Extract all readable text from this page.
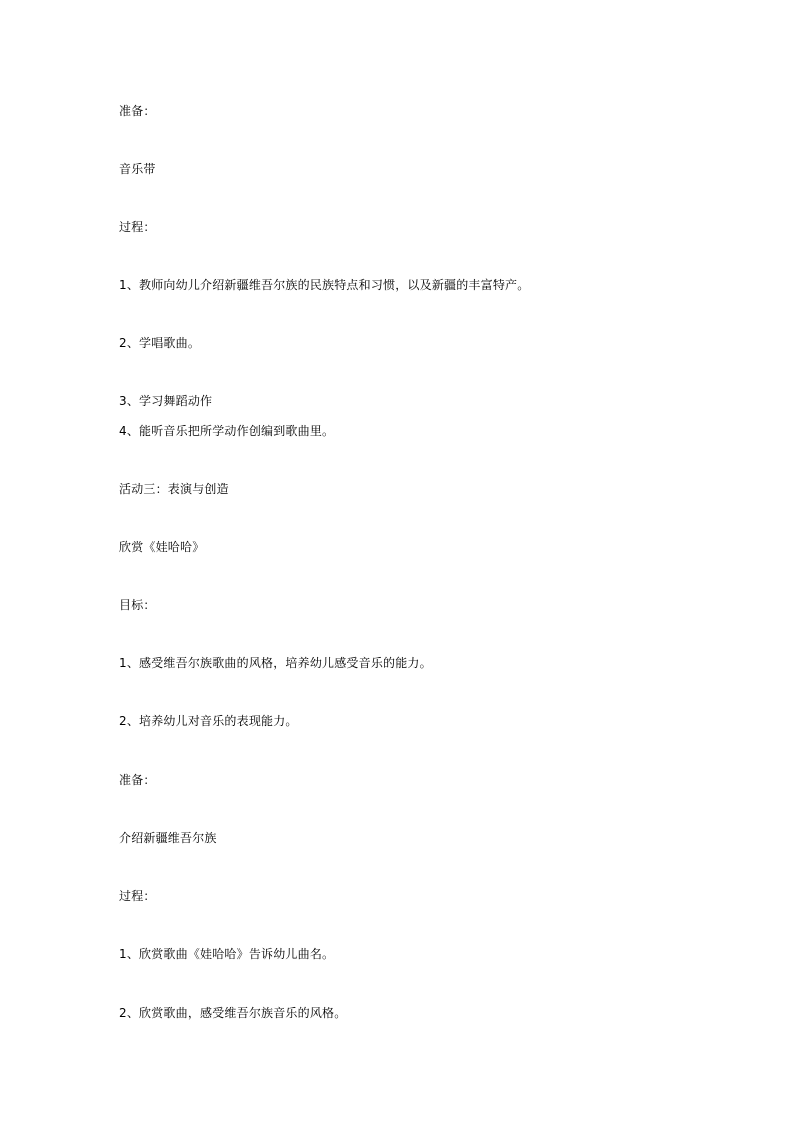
准备：
音乐带
过程：
1、教师向幼儿介绍新疆维吾尔族的民族特点和习惯，以及新疆的丰富特产。
2、学唱歌曲。
3、学习舞蹈动作
4、能听音乐把所学动作创编到歌曲里。
活动三：表演与创造
欣赏《娃哈哈》
目标：
1、感受维吾尔族歌曲的风格，培养幼儿感受音乐的能力。
2、培养幼儿对音乐的表现能力。
准备：
介绍新疆维吾尔族
过程：
1、欣赏歌曲《娃哈哈》告诉幼儿曲名。
2、欣赏歌曲，感受维吾尔族音乐的风格。
